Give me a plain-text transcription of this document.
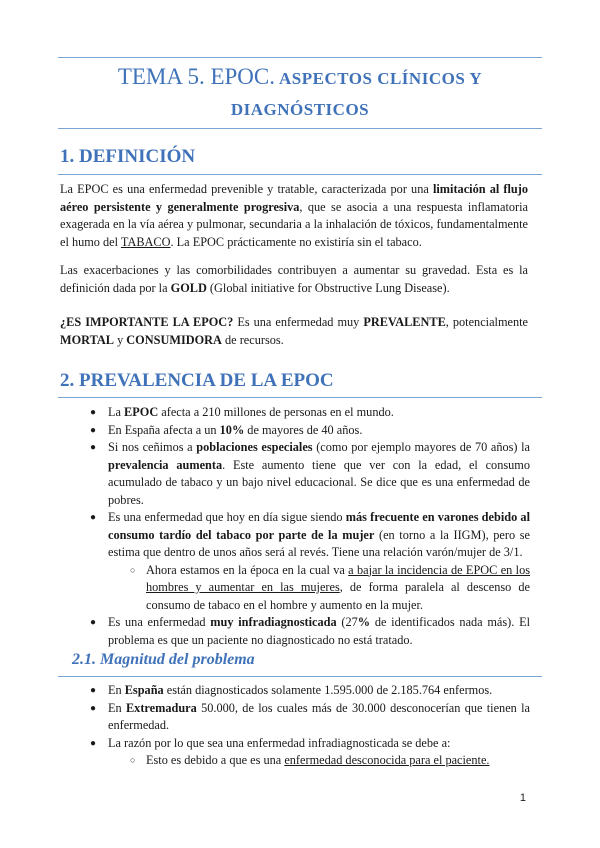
TEMA 5. EPOC. ASPECTOS CLÍNICOS Y
DIAGNÓSTICOS
1. DEFINICIÓN

La EPOC es una enfermedad prevenible y tratable, caracterizada por una limitación al flujo aéreo persistente y generalmente progresiva, que se asocia a una respuesta inflamatoria exagerada en la vía aérea y pulmonar, secundaria a la inhalación de tóxicos, fundamentalmente el humo del TABACO. La EPOC prácticamente no existiría sin el tabaco.

Las exacerbaciones y las comorbilidades contribuyen a aumentar su gravedad. Esta es la definición dada por la GOLD (Global initiative for Obstructive Lung Disease).

¿ES IMPORTANTE LA EPOC? Es una enfermedad muy PREVALENTE, potencialmente MORTAL y CONSUMIDORA de recursos.

2. PREVALENCIA DE LA EPOC
● La EPOC afecta a 210 millones de personas en el mundo.
● En España afecta a un 10% de mayores de 40 años.
● Si nos ceñimos a poblaciones especiales (como por ejemplo mayores de 70 años) la prevalencia aumenta. Este aumento tiene que ver con la edad, el consumo acumulado de tabaco y un bajo nivel educacional. Se dice que es una enfermedad de pobres.
● Es una enfermedad que hoy en día sigue siendo más frecuente en varones debido al consumo tardío del tabaco por parte de la mujer (en torno a la IIGM), pero se estima que dentro de unos años será al revés. Tiene una relación varón/mujer de 3/1.
○ Ahora estamos en la época en la cual va a bajar la incidencia de EPOC en los hombres y aumentar en las mujeres, de forma paralela al descenso de consumo de tabaco en el hombre y aumento en la mujer.
● Es una enfermedad muy infradiagnosticada (27% de identificados nada más). El problema es que un paciente no diagnosticado no está tratado.
2.1. Magnitud del problema
● En España están diagnosticados solamente 1.595.000 de 2.185.764 enfermos.
● En Extremadura 50.000, de los cuales más de 30.000 desconocerían que tienen la enfermedad.
● La razón por lo que sea una enfermedad infradiagnosticada se debe a:
○ Esto es debido a que es una enfermedad desconocida para el paciente.
1
